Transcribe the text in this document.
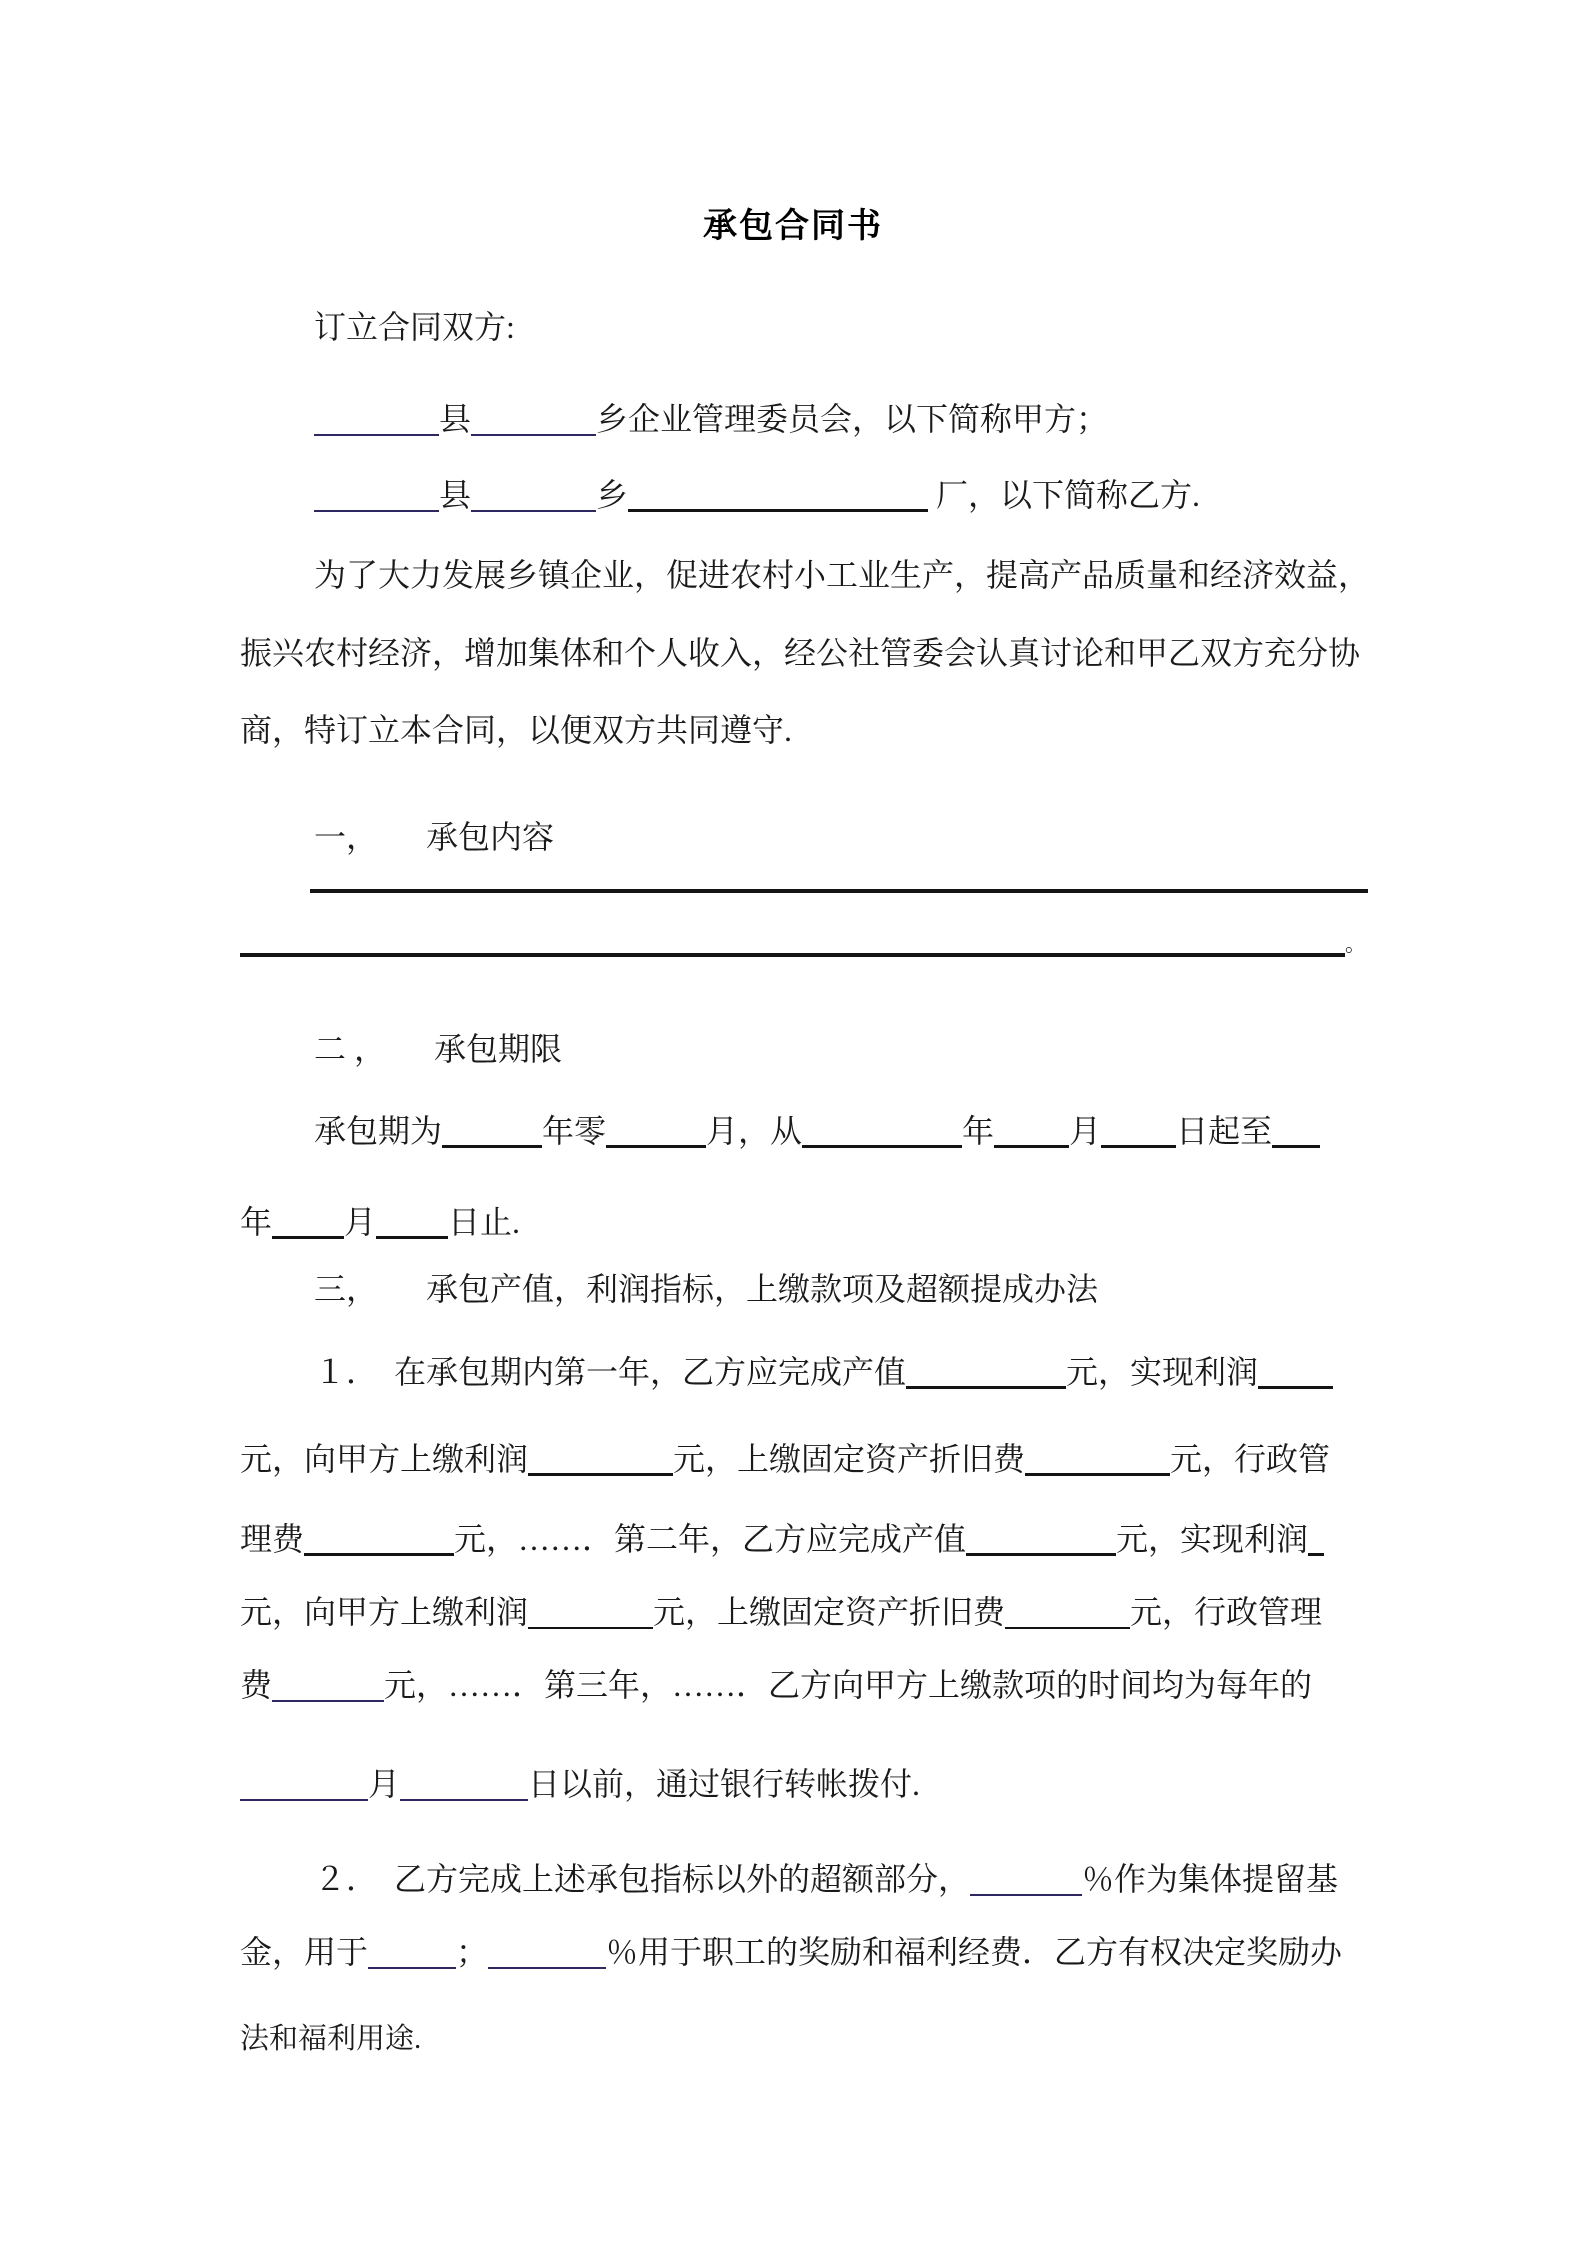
承包合同书
订立合同双方:
县	乡企业管理委员会，以下简称甲方；
县	乡	厂，以下简称乙方.
为了大力发展乡镇企业，促进农村小工业生产，提高产品质量和经济效益，
振兴农村经济，增加集体和个人收入，经公社管委会认真讨论和甲乙双方充分协
商，特订立本合同，以便双方共同遵守.
一，　　承包内容
。
二 ，　　承包期限
承包期为	年零	月，从	年 月 日起至
年 月 日止.
三，　　承包产值，利润指标，上缴款项及超额提成办法
１．　在承包期内第一年，乙方应完成产值	元，实现利润
元，向甲方上缴利润	元，上缴固定资产折旧费	元，行政管
理费	元，……．第二年，乙方应完成产值	元，实现利润
元，向甲方上缴利润	元，上缴固定资产折旧费	元，行政管理
费	元，……．第三年，……．乙方向甲方上缴款项的时间均为每年的
月	日以前，通过银行转帐拨付.
２．　乙方完成上述承包指标以外的超额部分，	％作为集体提留基
金，用于	；	％用于职工的奖励和福利经费．乙方有权决定奖励办
法和福利用途.
